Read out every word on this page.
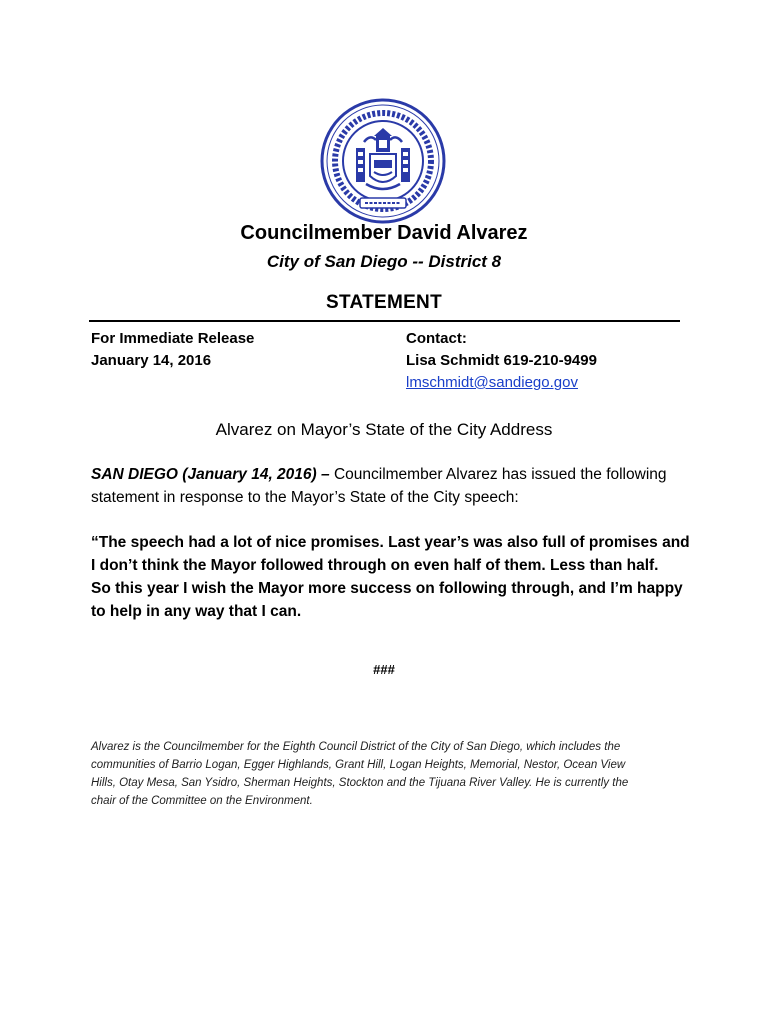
Councilmember David Alvarez
City of San Diego -- District 8
STATEMENT
For Immediate Release
January 14, 2016
Contact:
Lisa Schmidt 619-210-9499
lmschmidt@sandiego.gov
Alvarez on Mayor’s State of the City Address
SAN DIEGO (January 14, 2016) – Councilmember Alvarez has issued the following
statement in response to the Mayor’s State of the City speech:
“The speech had a lot of nice promises. Last year’s was also full of promises and
I don’t think the Mayor followed through on even half of them. Less than half.
So this year I wish the Mayor more success on following through, and I’m happy
to help in any way that I can.
###
Alvarez is the Councilmember for the Eighth Council District of the City of San Diego, which includes the
communities of Barrio Logan, Egger Highlands, Grant Hill, Logan Heights, Memorial, Nestor, Ocean View
Hills, Otay Mesa, San Ysidro, Sherman Heights, Stockton and the Tijuana River Valley. He is currently the
chair of the Committee on the Environment.
